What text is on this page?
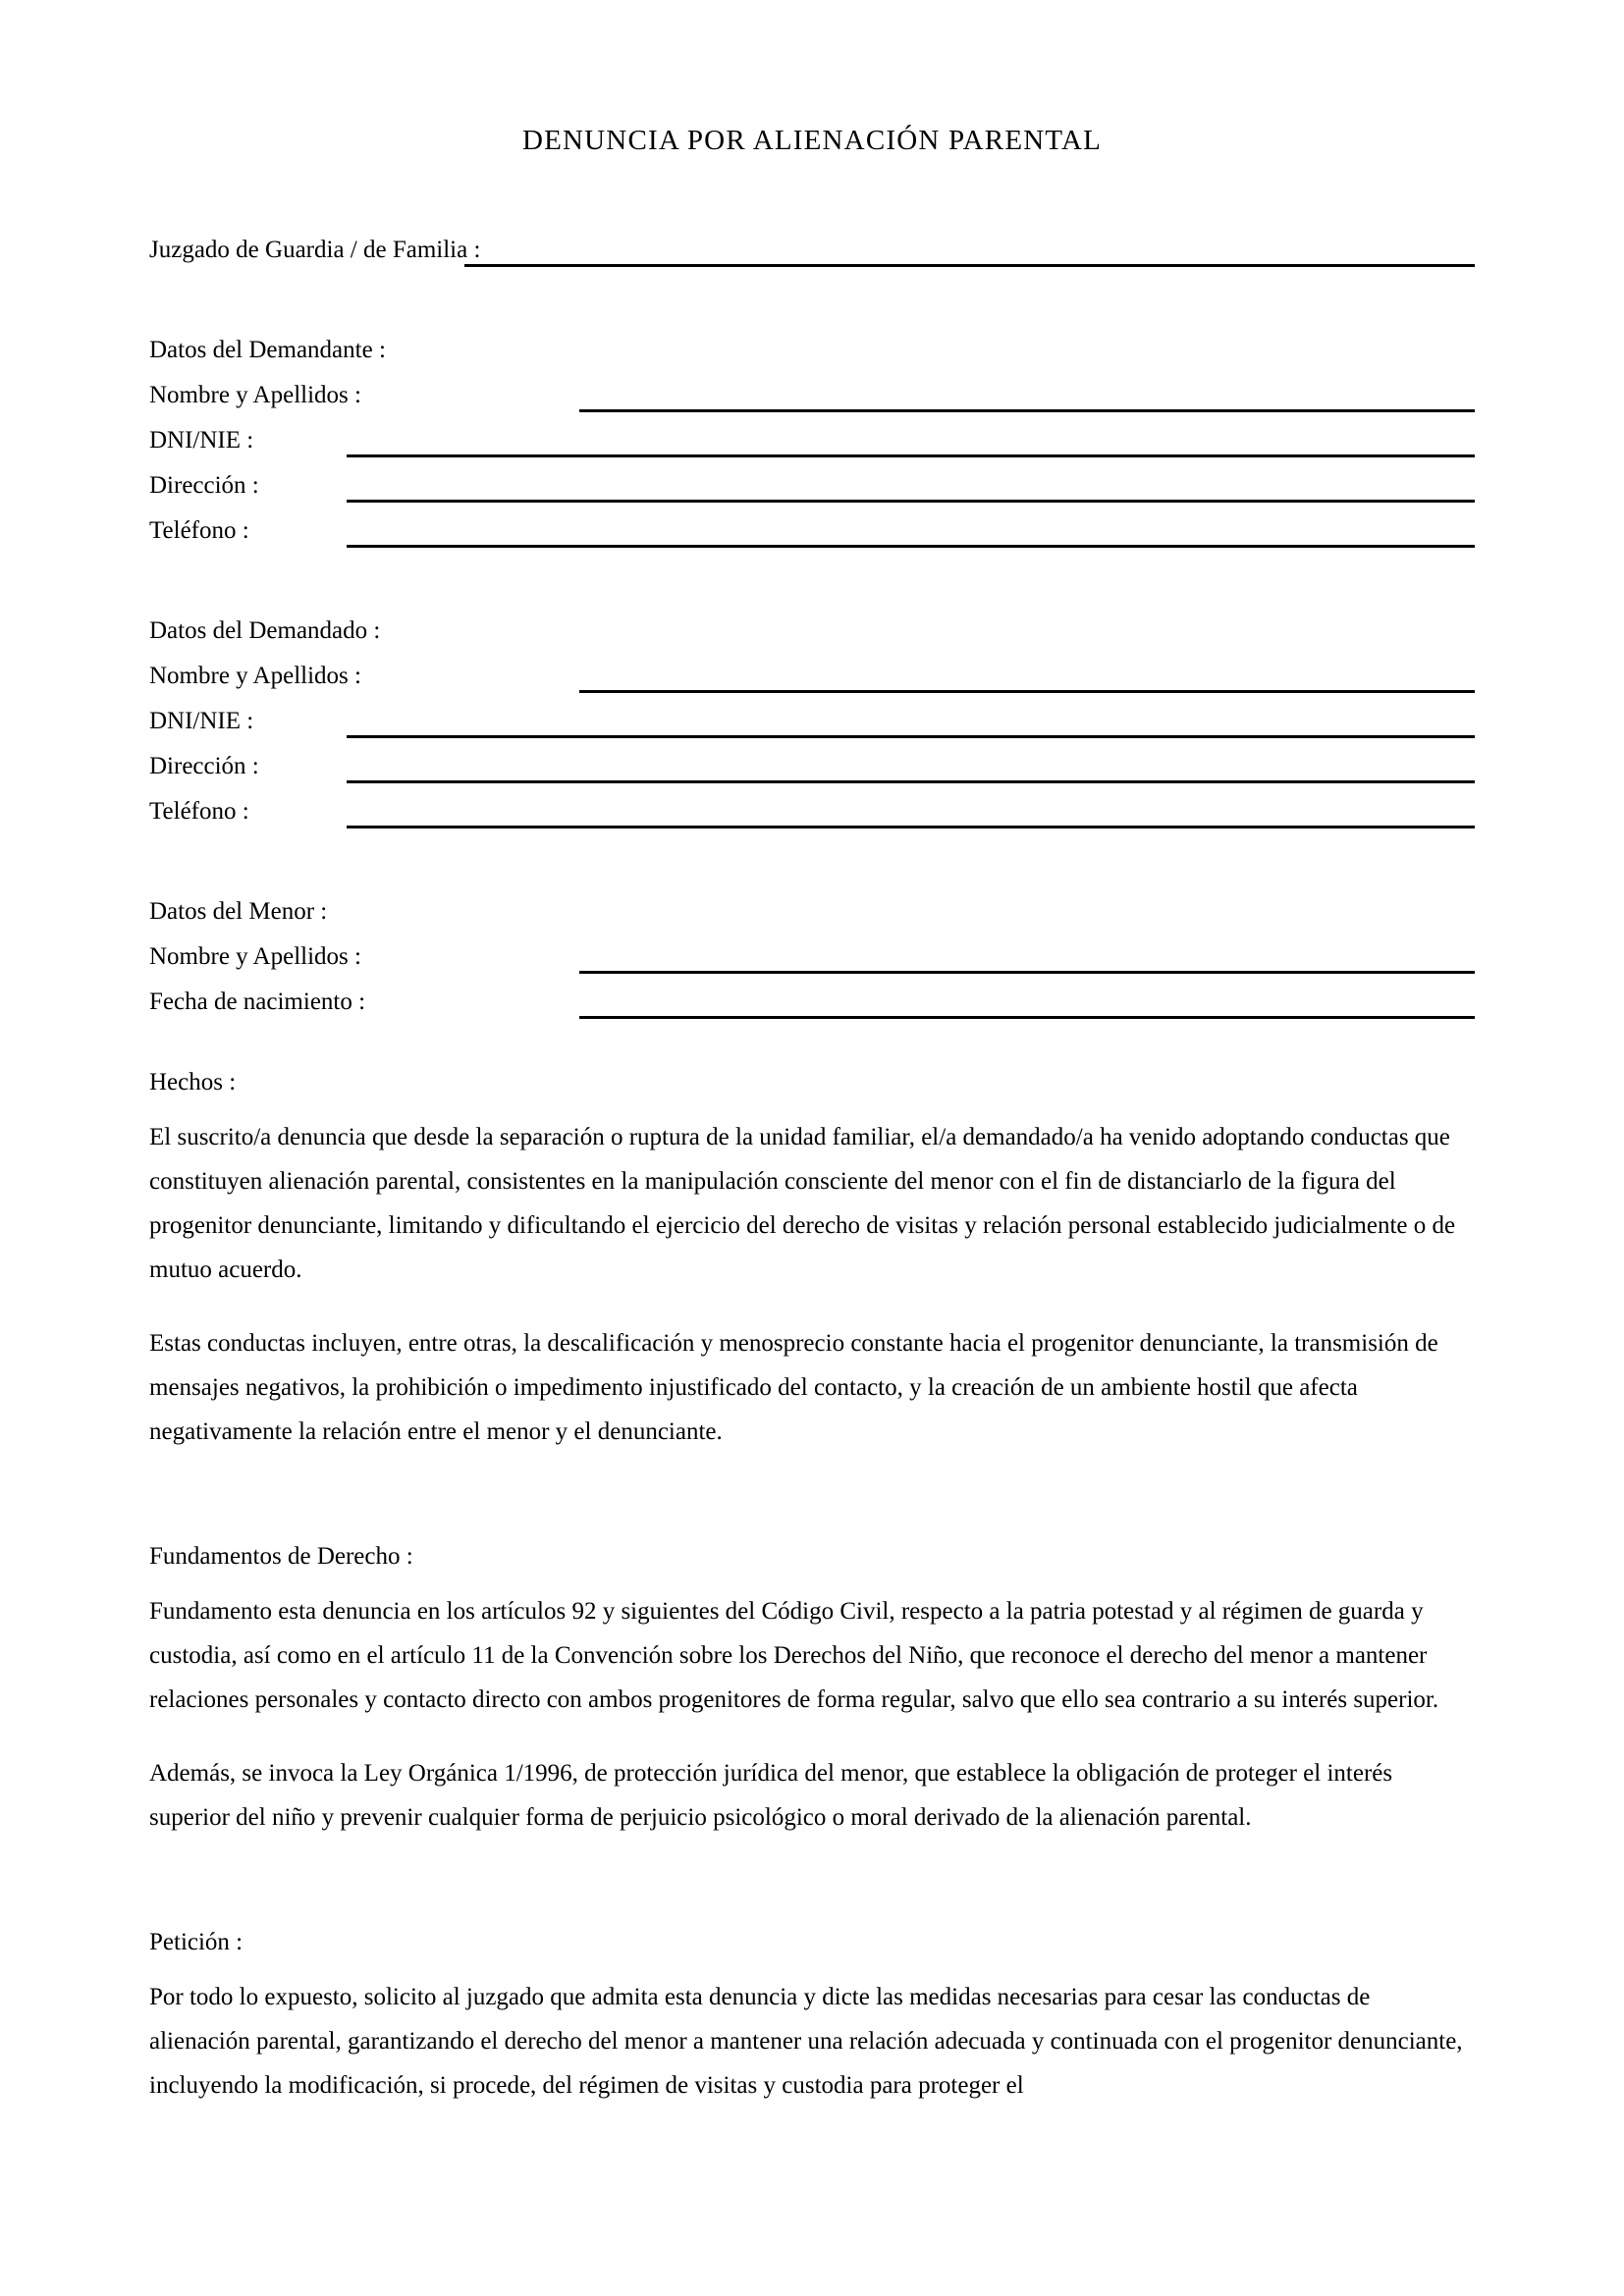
DENUNCIA POR ALIENACIÓN PARENTAL
Juzgado de Guardia / de Familia :
Datos del Demandante :
Nombre y Apellidos :
DNI/NIE :
Dirección :
Teléfono :
Datos del Demandado :
Nombre y Apellidos :
DNI/NIE :
Dirección :
Teléfono :
Datos del Menor :
Nombre y Apellidos :
Fecha de nacimiento :
Hechos :

El suscrito/a denuncia que desde la separación o ruptura de la unidad familiar, el/a demandado/a ha venido adoptando conductas que constituyen alienación parental, consistentes en la manipulación consciente del menor con el fin de distanciarlo de la figura del progenitor denunciante, limitando y dificultando el ejercicio del derecho de visitas y relación personal establecido judicialmente o de mutuo acuerdo.

Estas conductas incluyen, entre otras, la descalificación y menosprecio constante hacia el progenitor denunciante, la transmisión de mensajes negativos, la prohibición o impedimento injustificado del contacto, y la creación de un ambiente hostil que afecta negativamente la relación entre el menor y el denunciante.

Fundamentos de Derecho :

Fundamento esta denuncia en los artículos 92 y siguientes del Código Civil, respecto a la patria potestad y al régimen de guarda y custodia, así como en el artículo 11 de la Convención sobre los Derechos del Niño, que reconoce el derecho del menor a mantener relaciones personales y contacto directo con ambos progenitores de forma regular, salvo que ello sea contrario a su interés superior.

Además, se invoca la Ley Orgánica 1/1996, de protección jurídica del menor, que establece la obligación de proteger el interés superior del niño y prevenir cualquier forma de perjuicio psicológico o moral derivado de la alienación parental.

Petición :

Por todo lo expuesto, solicito al juzgado que admita esta denuncia y dicte las medidas necesarias para cesar las conductas de alienación parental, garantizando el derecho del menor a mantener una relación adecuada y continuada con el progenitor denunciante, incluyendo la modificación, si procede, del régimen de visitas y custodia para proteger el
